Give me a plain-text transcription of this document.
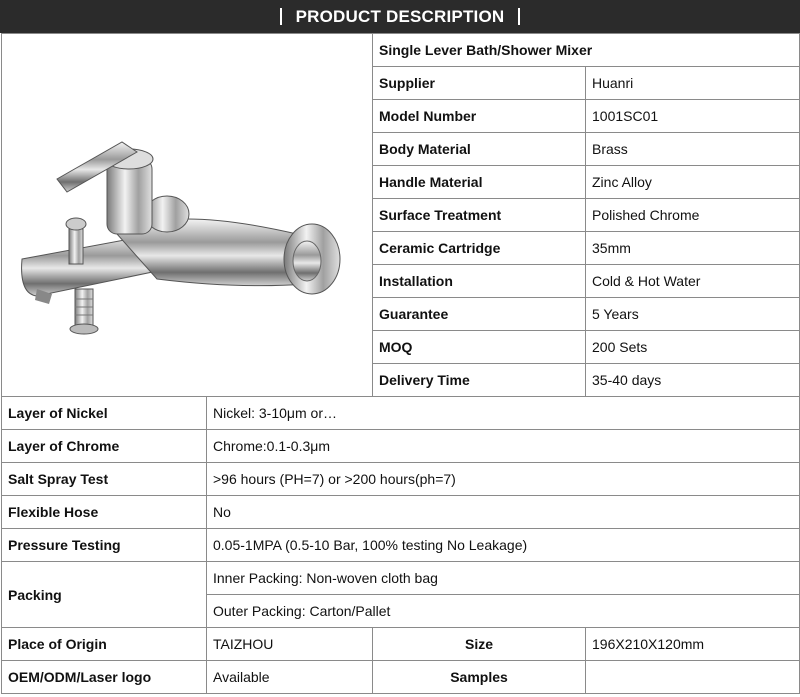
PRODUCT DESCRIPTION
	Single Lever Bath/Shower Mixer	
		Supplier	Huanri
		Model Number	1001SC01
		Body Material	Brass
		Handle Material	Zinc Alloy
		Surface Treatment	Polished Chrome
		Ceramic Cartridge	35mm
		Installation	Cold & Hot Water
		Guarantee	5 Years
		MOQ	200 Sets
		Delivery Time	35-40 days
Layer of Nickel	Nickel: 3-10μm or…		
Layer of Chrome	Chrome:0.1-0.3μm		
Salt Spray Test	>96 hours (PH=7) or >200 hours(ph=7)		
Flexible Hose	No		
Pressure Testing	0.05-1MPA (0.5-10 Bar, 100% testing No Leakage)		
Packing	Inner Packing: Non-woven cloth bag		
	Outer Packing: Carton/Pallet		
Place of Origin	TAIZHOU	Size	196X210X120mm
OEM/ODM/Laser logo	Available	Samples	
